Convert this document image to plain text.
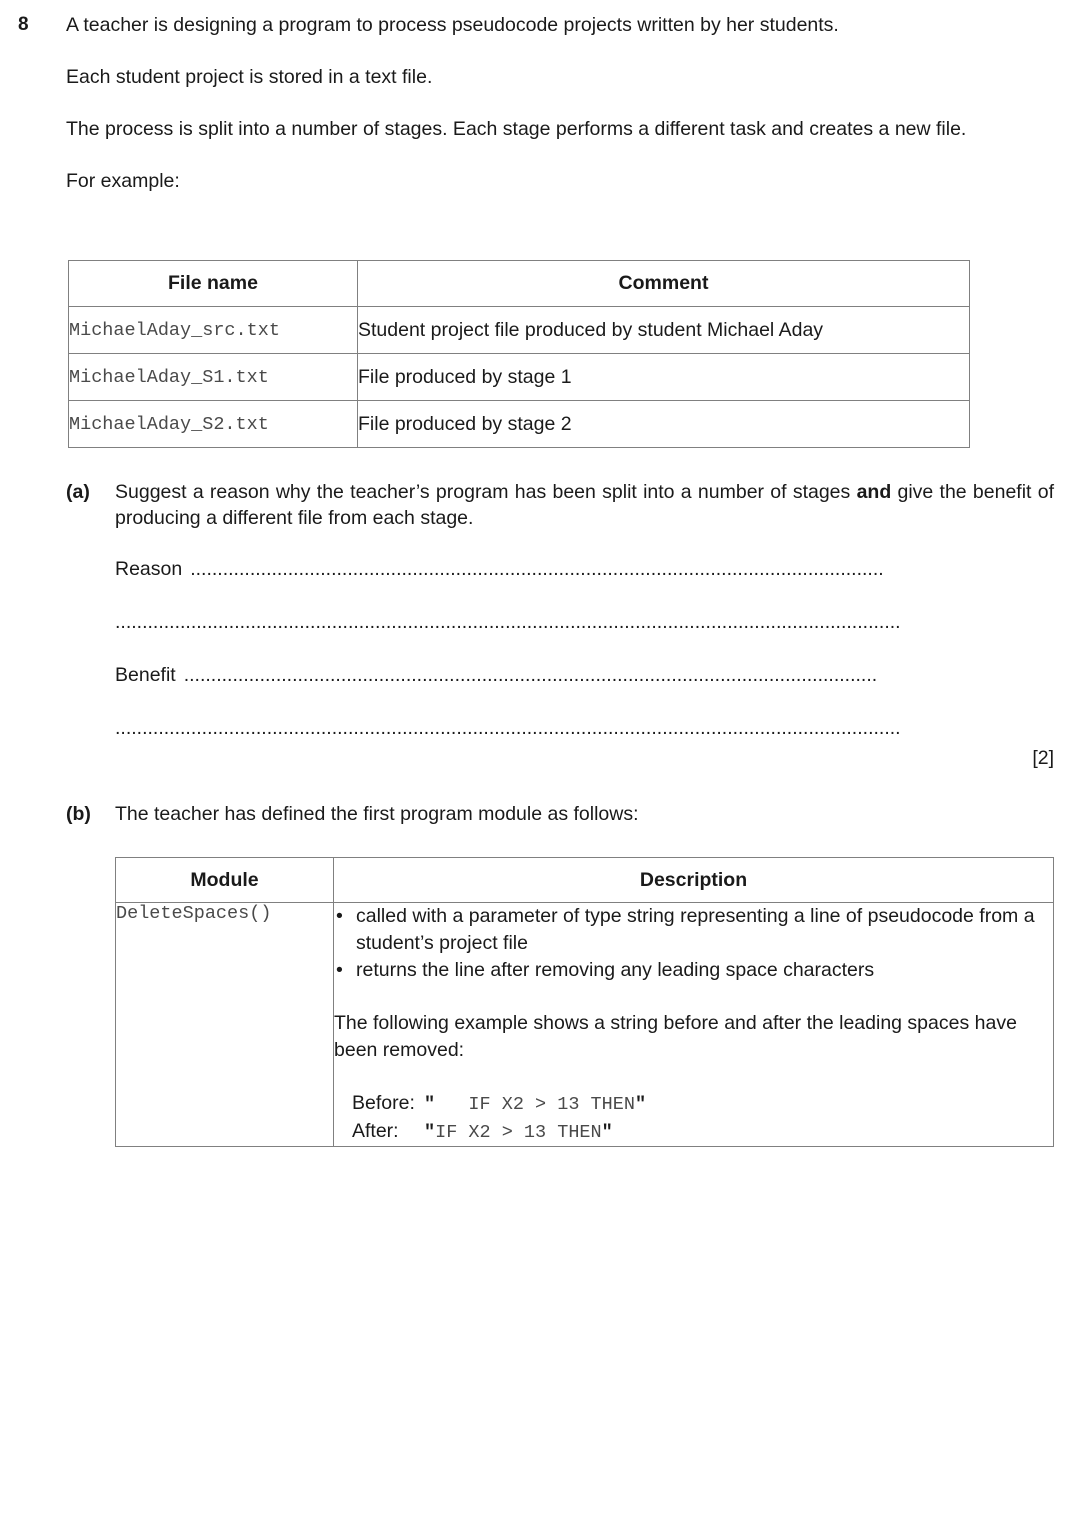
8 A teacher is designing a program to process pseudocode projects written by her students.

Each student project is stored in a text file.

The process is split into a number of stages. Each stage performs a different task and creates a new file.

For example:

File name	Comment
MichaelAday_src.txt	Student project file produced by student Michael Aday
MichaelAday_S1.txt	File produced by stage 1
MichaelAday_S2.txt	File produced by stage 2
(a) Suggest a reason why the teacher’s program has been split into a number of stages and give the benefit of producing a different file from each stage.

Reason ................................................................................................................................
.................................................................................................................................................
Benefit ................................................................................................................................
.................................................................................................................................................
[2]
(b) The teacher has defined the first program module as follows:

Module	Description
DeleteSpaces()	• called with a parameter of type string representing a line of pseudocode from a student’s project file
• returns the line after removing any leading space characters

The following example shows a string before and after the leading spaces have been removed:

Before: "   IF X2 > 13 THEN"
After: "IF X2 > 13 THEN"
